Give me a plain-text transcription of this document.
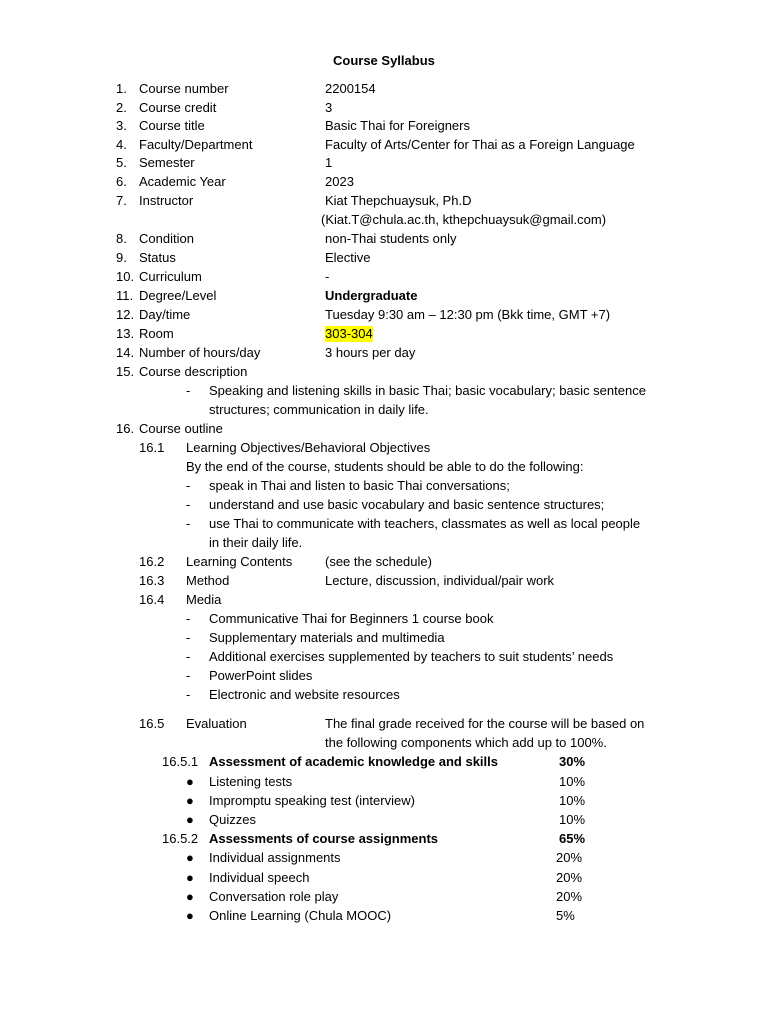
Course Syllabus
1. Course number	2200154
2. Course credit	3
3. Course title	Basic Thai for Foreigners
4. Faculty/Department	Faculty of Arts/Center for Thai as a Foreign Language
5. Semester	1
6. Academic Year	2023
7. Instructor	Kiat Thepchuaysuk, Ph.D
(Kiat.T@chula.ac.th, kthepchuaysuk@gmail.com)
8. Condition	non-Thai students only
9. Status	Elective
10. Curriculum	-
11. Degree/Level	Undergraduate
12. Day/time	Tuesday 9:30 am – 12:30 pm (Bkk time, GMT +7)
13. Room	303-304
14. Number of hours/day	3 hours per day
15. Course description
- Speaking and listening skills in basic Thai; basic vocabulary; basic sentence
structures; communication in daily life.
16. Course outline
16.1 Learning Objectives/Behavioral Objectives
By the end of the course, students should be able to do the following:
- speak in Thai and listen to basic Thai conversations;
- understand and use basic vocabulary and basic sentence structures;
- use Thai to communicate with teachers, classmates as well as local people
in their daily life.
16.2 Learning Contents	(see the schedule)
16.3 Method	Lecture, discussion, individual/pair work
16.4 Media
- Communicative Thai for Beginners 1 course book
- Supplementary materials and multimedia
- Additional exercises supplemented by teachers to suit students’ needs
- PowerPoint slides
- Electronic and website resources
16.5 Evaluation	The final grade received for the course will be based on
the following components which add up to 100%.
16.5.1 Assessment of academic knowledge and skills	30%
● Listening tests	10%
● Impromptu speaking test (interview)	10%
● Quizzes	10%
16.5.2 Assessments of course assignments	65%
● Individual assignments	20%
● Individual speech	20%
● Conversation role play	20%
● Online Learning (Chula MOOC)	5%
